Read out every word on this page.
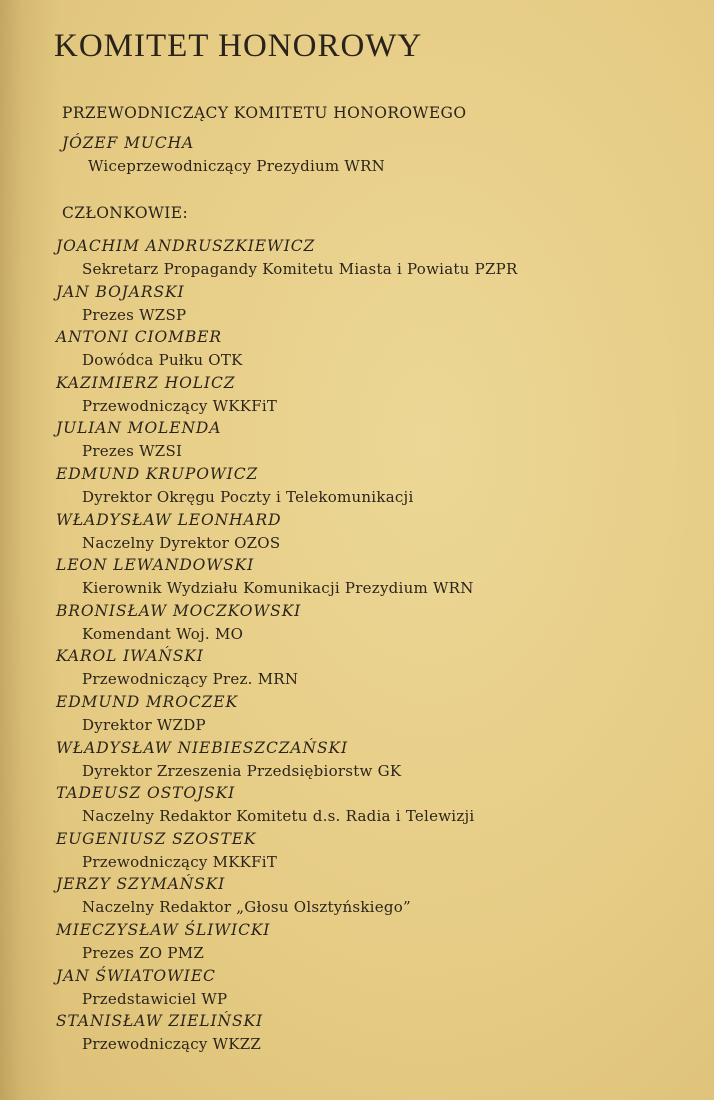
KOMITET HONOROWY
PRZEWODNICZĄCY KOMITETU HONOROWEGO
JÓZEF MUCHA
Wiceprzewodniczący Prezydium WRN
CZŁONKOWIE:
JOACHIM ANDRUSZKIEWICZ
Sekretarz Propagandy Komitetu Miasta i Powiatu PZPR
JAN BOJARSKI
Prezes WZSP
ANTONI CIOMBER
Dowódca Pułku OTK
KAZIMIERZ HOLICZ
Przewodniczący WKKFiT
JULIAN MOLENDA
Prezes WZSI
EDMUND KRUPOWICZ
Dyrektor Okręgu Poczty i Telekomunikacji
WŁADYSŁAW LEONHARD
Naczelny Dyrektor OZOS
LEON LEWANDOWSKI
Kierownik Wydziału Komunikacji Prezydium WRN
BRONISŁAW MOCZKOWSKI
Komendant Woj. MO
KAROL IWAŃSKI
Przewodniczący Prez. MRN
EDMUND MROCZEK
Dyrektor WZDP
WŁADYSŁAW NIEBIESZCZAŃSKI
Dyrektor Zrzeszenia Przedsiębiorstw GK
TADEUSZ OSTOJSKI
Naczelny Redaktor Komitetu d.s. Radia i Telewizji
EUGENIUSZ SZOSTEK
Przewodniczący MKKFiT
JERZY SZYMAŃSKI
Naczelny Redaktor „Głosu Olsztyńskiego”
MIECZYSŁAW ŚLIWICKI
Prezes ZO PMZ
JAN ŚWIATOWIEC
Przedstawiciel WP
STANISŁAW ZIELIŃSKI
Przewodniczący WKZZ
